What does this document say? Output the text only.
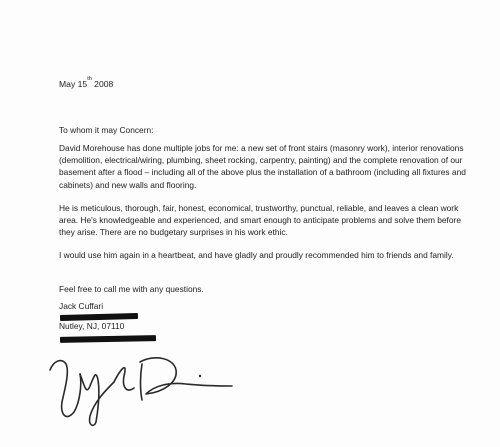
May 15th 2008
To whom it may Concern:

David Morehouse has done multiple jobs for me: a new set of front stairs (masonry work), interior renovations (demolition, electrical/wiring, plumbing, sheet rocking, carpentry, painting) and the complete renovation of our basement after a flood – including all of the above plus the installation of a bathroom (including all fixtures and cabinets) and new walls and flooring.

He is meticulous, thorough, fair, honest, economical, trustworthy, punctual, reliable, and leaves a clean work area. He's knowledgeable and experienced, and smart enough to anticipate problems and solve them before they arise. There are no budgetary surprises in his work ethic.

I would use him again in a heartbeat, and have gladly and proudly recommended him to friends and family.

Feel free to call me with any questions.

Jack Cuffari
Nutley, NJ, 07110
